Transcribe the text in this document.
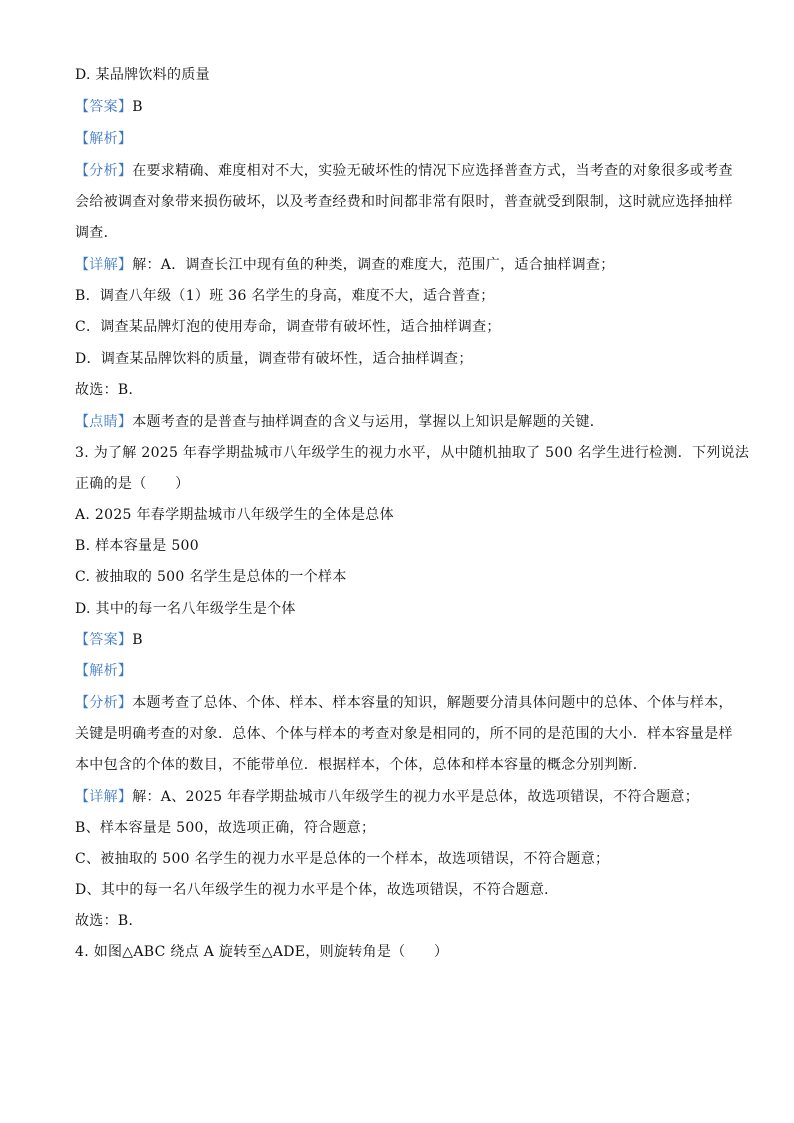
D. 某品牌饮料的质量
【答案】B
【解析】
【分析】在要求精确、难度相对不大，实验无破坏性的情况下应选择普查方式，当考查的对象很多或考查
会给被调查对象带来损伤破坏，以及考查经费和时间都非常有限时，普查就受到限制，这时就应选择抽样
调查．
【详解】解：A．调查长江中现有鱼的种类，调查的难度大，范围广，适合抽样调查；
B．调查八年级（1）班 36 名学生的身高，难度不大，适合普查；
C．调查某品牌灯泡的使用寿命，调查带有破坏性，适合抽样调查；
D．调查某品牌饮料的质量，调查带有破坏性，适合抽样调查；
故选：B．
【点睛】本题考查的是普查与抽样调查的含义与运用，掌握以上知识是解题的关键．
3. 为了解 2025 年春学期盐城市八年级学生的视力水平，从中随机抽取了 500 名学生进行检测．下列说法
正确的是（　　）
A. 2025 年春学期盐城市八年级学生的全体是总体
B. 样本容量是 500
C. 被抽取的 500 名学生是总体的一个样本
D. 其中的每一名八年级学生是个体
【答案】B
【解析】
【分析】本题考查了总体、个体、样本、样本容量的知识，解题要分清具体问题中的总体、个体与样本，
关键是明确考查的对象．总体、个体与样本的考查对象是相同的，所不同的是范围的大小．样本容量是样
本中包含的个体的数目，不能带单位．根据样本，个体，总体和样本容量的概念分别判断．
【详解】解：A、2025 年春学期盐城市八年级学生的视力水平是总体，故选项错误，不符合题意；
B、样本容量是 500，故选项正确，符合题意；
C、被抽取的 500 名学生的视力水平是总体的一个样本，故选项错误，不符合题意；
D、其中的每一名八年级学生的视力水平是个体，故选项错误，不符合题意．
故选：B．
4. 如图△ABC 绕点 A 旋转至△ADE，则旋转角是（　　）
